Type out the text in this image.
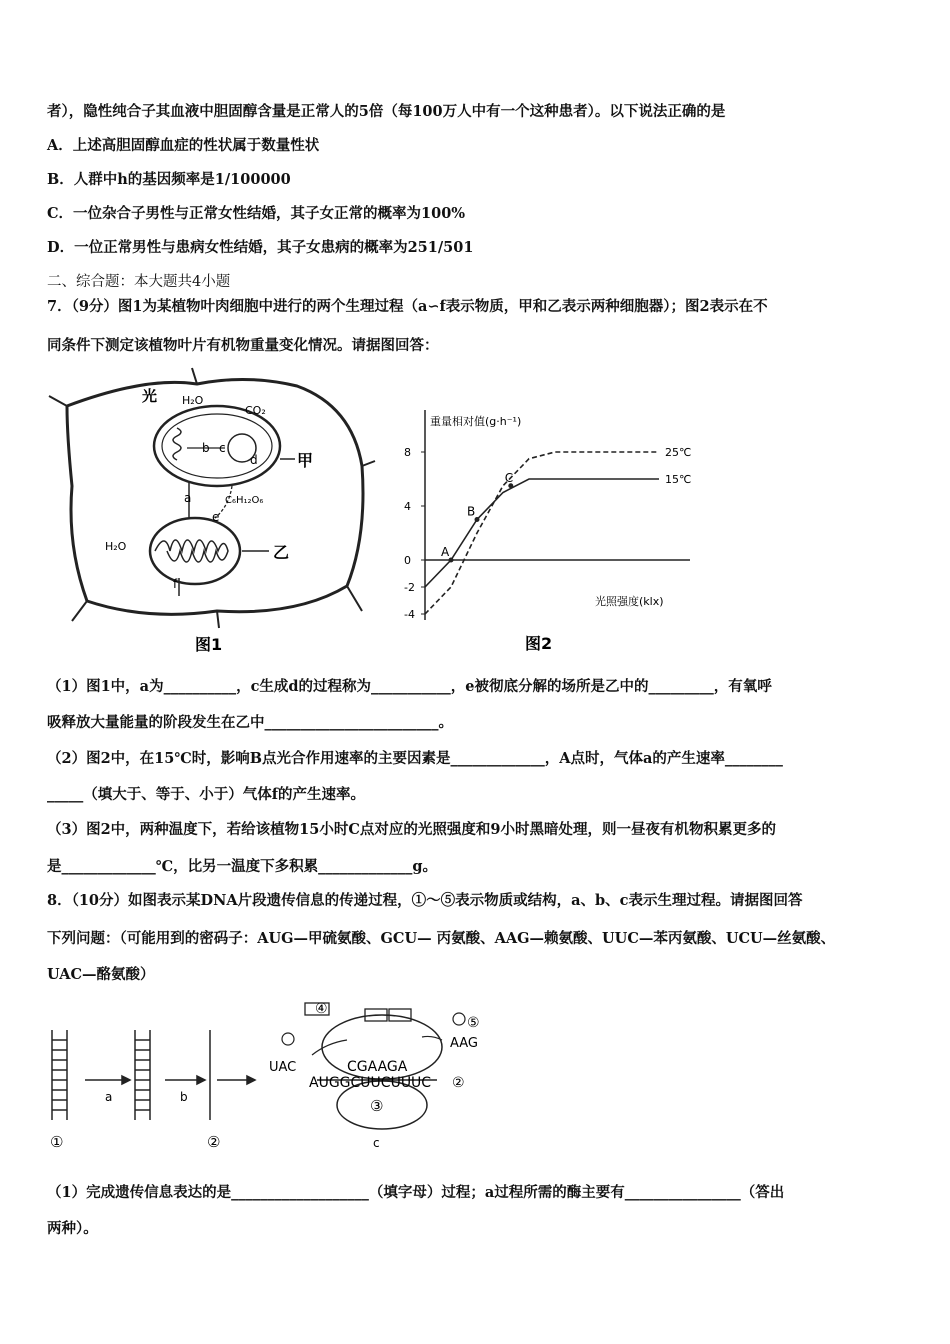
者），隐性纯合子其血液中胆固醇含量是正常人的5倍（每100万人中有一个这种患者）。以下说法正确的是
A．上述高胆固醇血症的性状属于数量性状
B．人群中h的基因频率是1/100000
C．一位杂合子男性与正常女性结婚，其子女正常的概率为100%
D．一位正常男性与患病女性结婚，其子女患病的概率为251/501
二、综合题：本大题共4小题
7．（9分）图1为某植物叶肉细胞中进行的两个生理过程（a∽f表示物质，甲和乙表示两种细胞器）；图2表示在不
同条件下测定该植物叶片有机物重量变化情况。请据图回答：
光 H₂O
CO₂
b c
d 甲
a	C₆H₁₂O₆
e
H₂O	乙
f
图1
重量相对值(g·h⁻¹)
光照强度(klx)
图2
8
4
0
-2
-4
15℃
25℃
A
B
C
（1）图1中，a为__________，c生成d的过程称为___________，e被彻底分解的场所是乙中的_________，有氧呼
吸释放大量能量的阶段发生在乙中________________________。
（2）图2中，在15℃时，影响B点光合作用速率的主要因素是_____________，A点时，气体a的产生速率________
_____（填大于、等于、小于）气体f的产生速率。
（3）图2中，两种温度下，若给该植物15小时C点对应的光照强度和9小时黑暗处理，则一昼夜有机物积累更多的
是_____________℃，比另一温度下多积累_____________g。
8．（10分）如图表示某DNA片段遗传信息的传递过程，①～⑤表示物质或结构，a、b、c表示生理过程。请据图回答
下列问题：（可能用到的密码子：AUG—甲硫氨酸、GCU— 丙氨酸、AAG—赖氨酸、UUC—苯丙氨酸、UCU—丝氨酸、
UAC—酪氨酸）
①
a	b
②
④
⑤
UAC	CGAAGA
AAG
AUGGCUUCUUUC ②
③
c
（1）完成遗传信息表达的是___________________（填字母）过程；a过程所需的酶主要有________________（答出
两种）。
